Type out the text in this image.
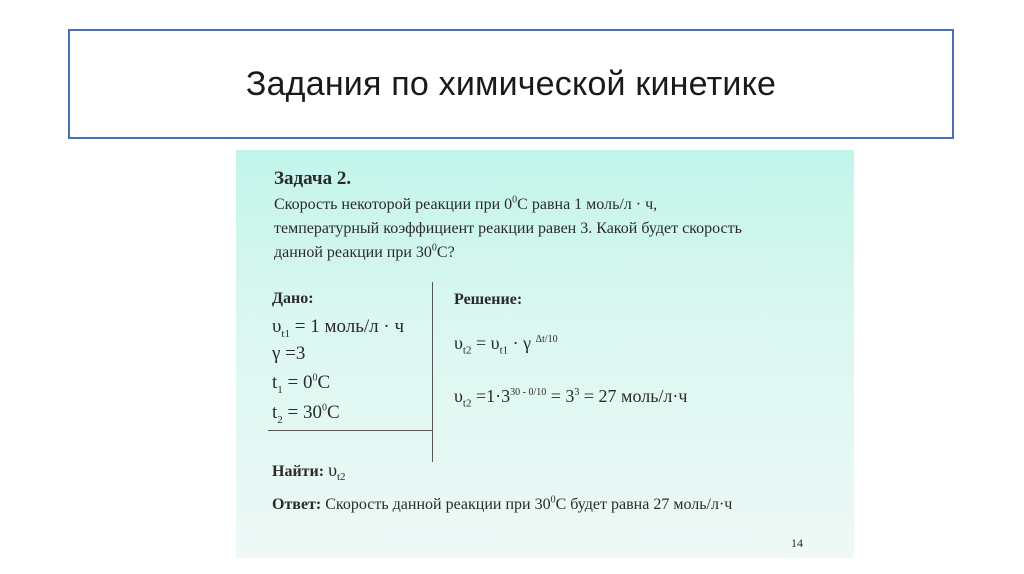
Задания по химической кинетике
Задача 2.
Скорость некоторой реакции при $0^0С$ равна 1 моль/л · ч,
температурный коэффициент реакции равен 3. Какой будет скорость
данной реакции при $30^0С$?
Дано:
$\upsilon_{t1} = 1$ моль/л · ч
γ =3
$t_1 = 0^0С$
$t_2 = 30^0С$
Решение:
$\upsilon_{t2} = \upsilon_{t1} \cdot \gamma$ $^{\Delta t/10}$
$\upsilon_{t2} =1\cdot 3^{30 - 0/10} = 3^3 = 27$ моль/л·ч
Найти: $\upsilon_{t2}$
Ответ: Скорость данной реакции при $30^0С$ будет равна 27 моль/л·ч
14
